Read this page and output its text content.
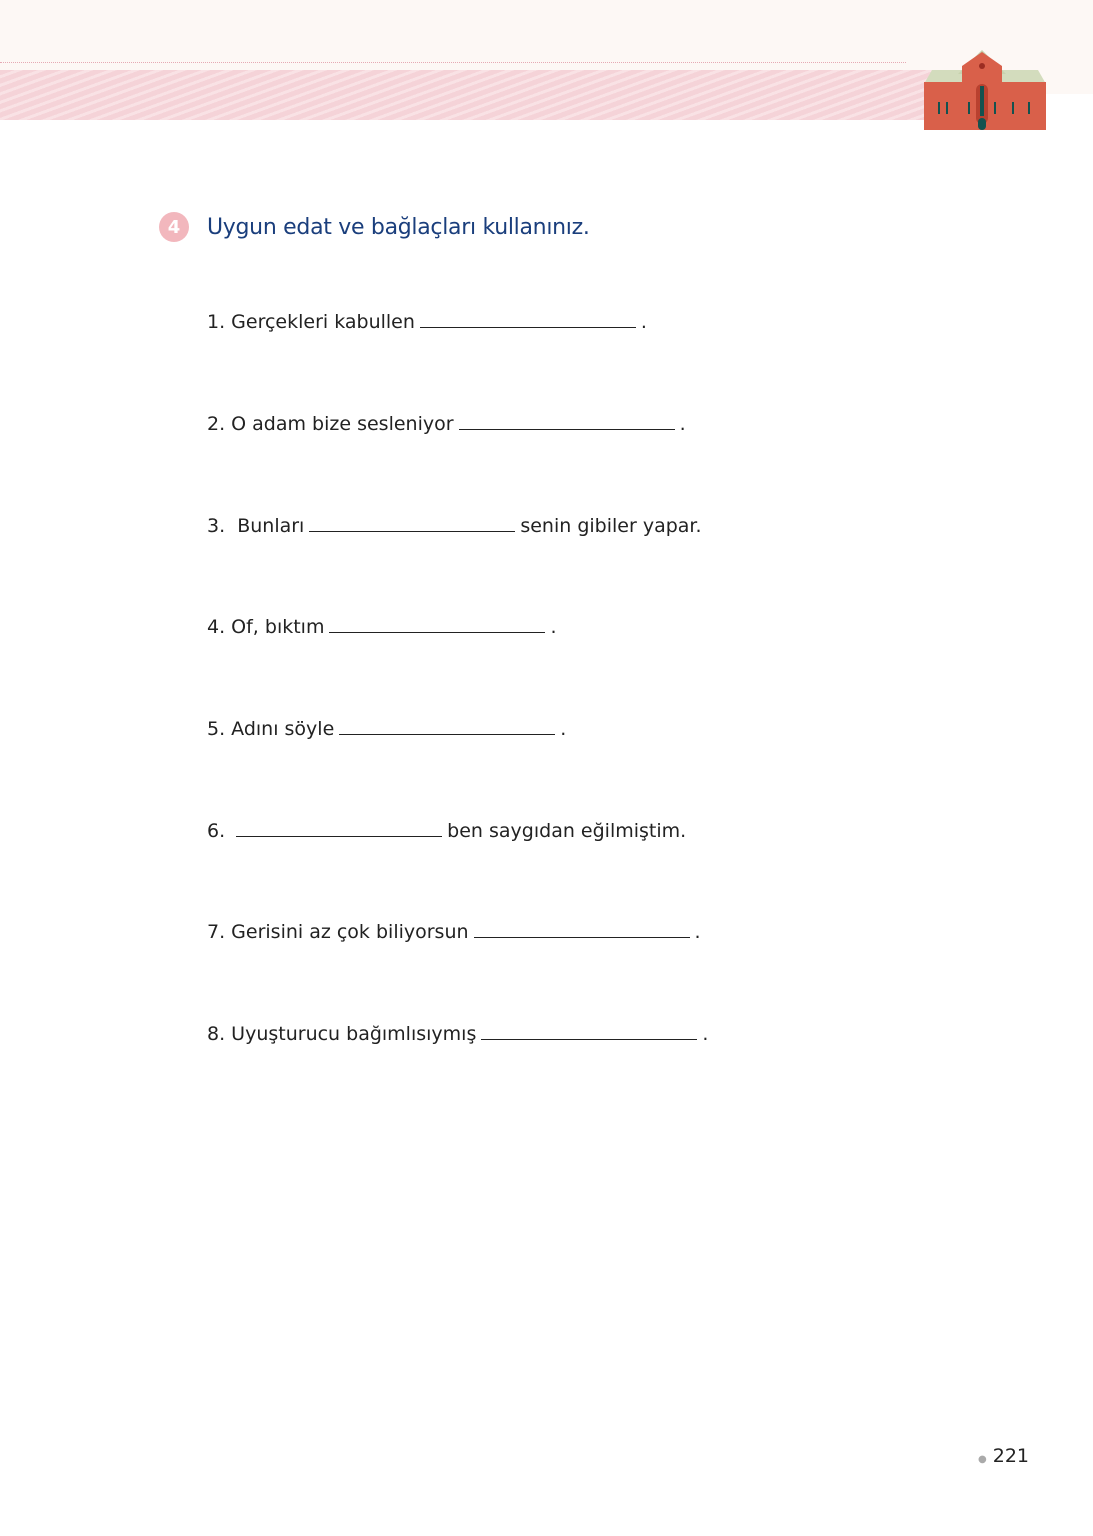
4	Uygun edat ve bağlaçları kullanınız.
1. Gerçekleri kabullen	.
2. O adam bize sesleniyor	.
3.  Bunları	senin gibiler yapar.
4. Of, bıktım	.
5. Adını söyle	.
6.	ben saygıdan eğilmiştim.
7. Gerisini az çok biliyorsun	.
8. Uyuşturucu bağımlısıymış	.
● 221
